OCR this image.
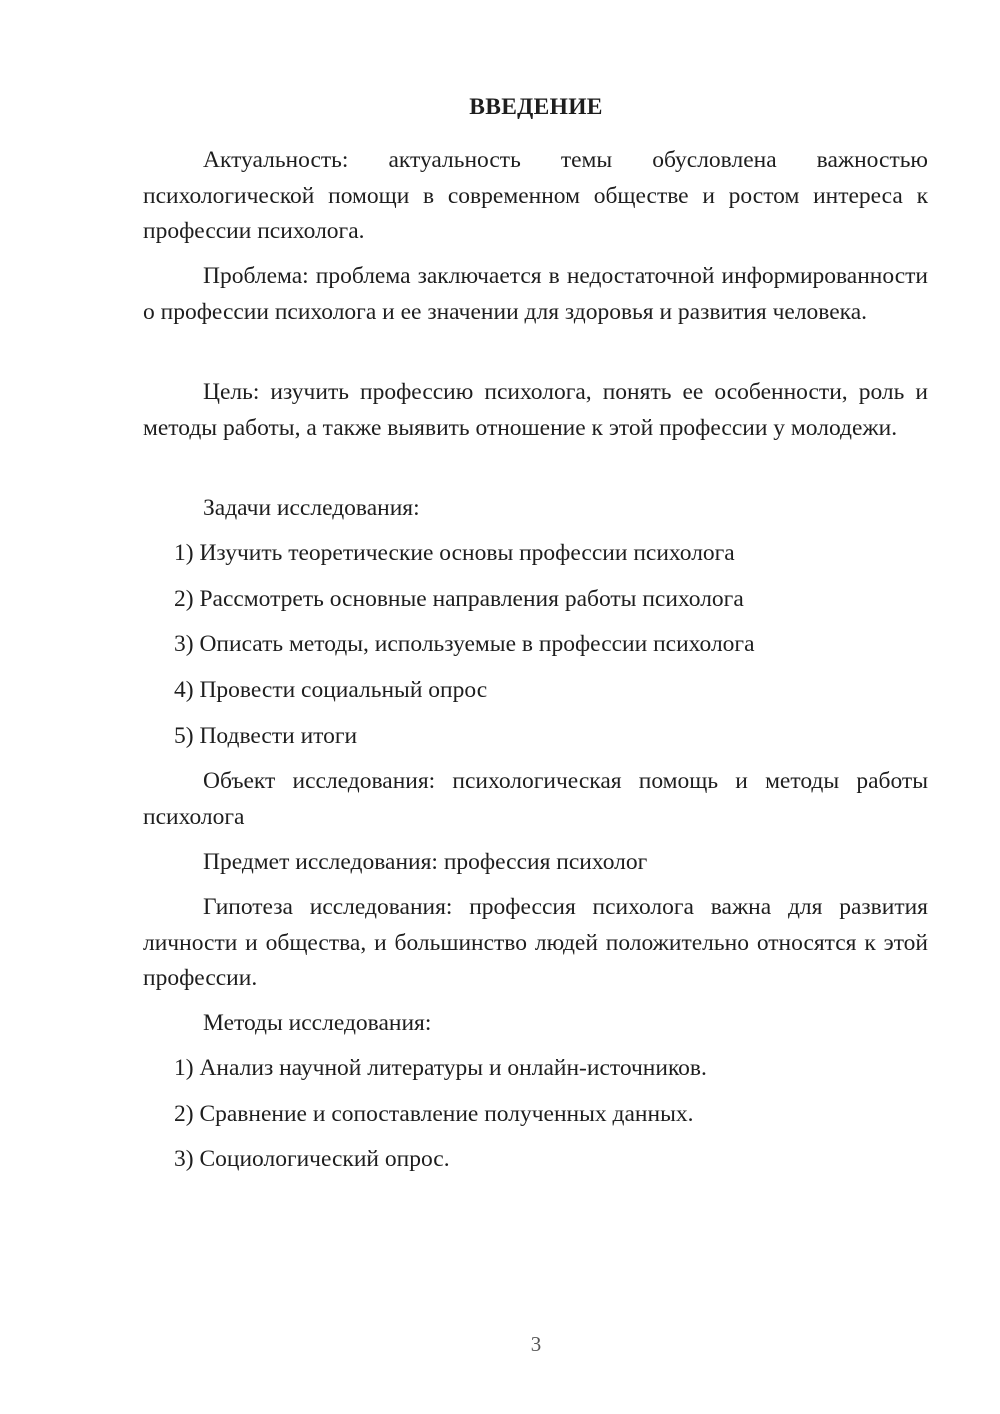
ВВЕДЕНИЕ

Актуальность: актуальность темы обусловлена важностью психологической помощи в современном обществе и ростом интереса к профессии психолога.

Проблема: проблема заключается в недостаточной информированности о профессии психолога и ее значении для здоровья и развития человека.

Цель: изучить профессию психолога, понять ее особенности, роль и методы работы, а также выявить отношение к этой профессии у молодежи.

Задачи исследования:
1) Изучить теоретические основы профессии психолога
2) Рассмотреть основные направления работы психолога
3) Описать методы, используемые в профессии психолога
4) Провести социальный опрос
5) Подвести итоги

Объект исследования: психологическая помощь и методы работы психолога

Предмет исследования: профессия психолог

Гипотеза исследования: профессия психолога важна для развития личности и общества, и большинство людей положительно относятся к этой профессии.

Методы исследования:
1) Анализ научной литературы и онлайн-источников.
2) Сравнение и сопоставление полученных данных.
3) Социологический опрос.
3
